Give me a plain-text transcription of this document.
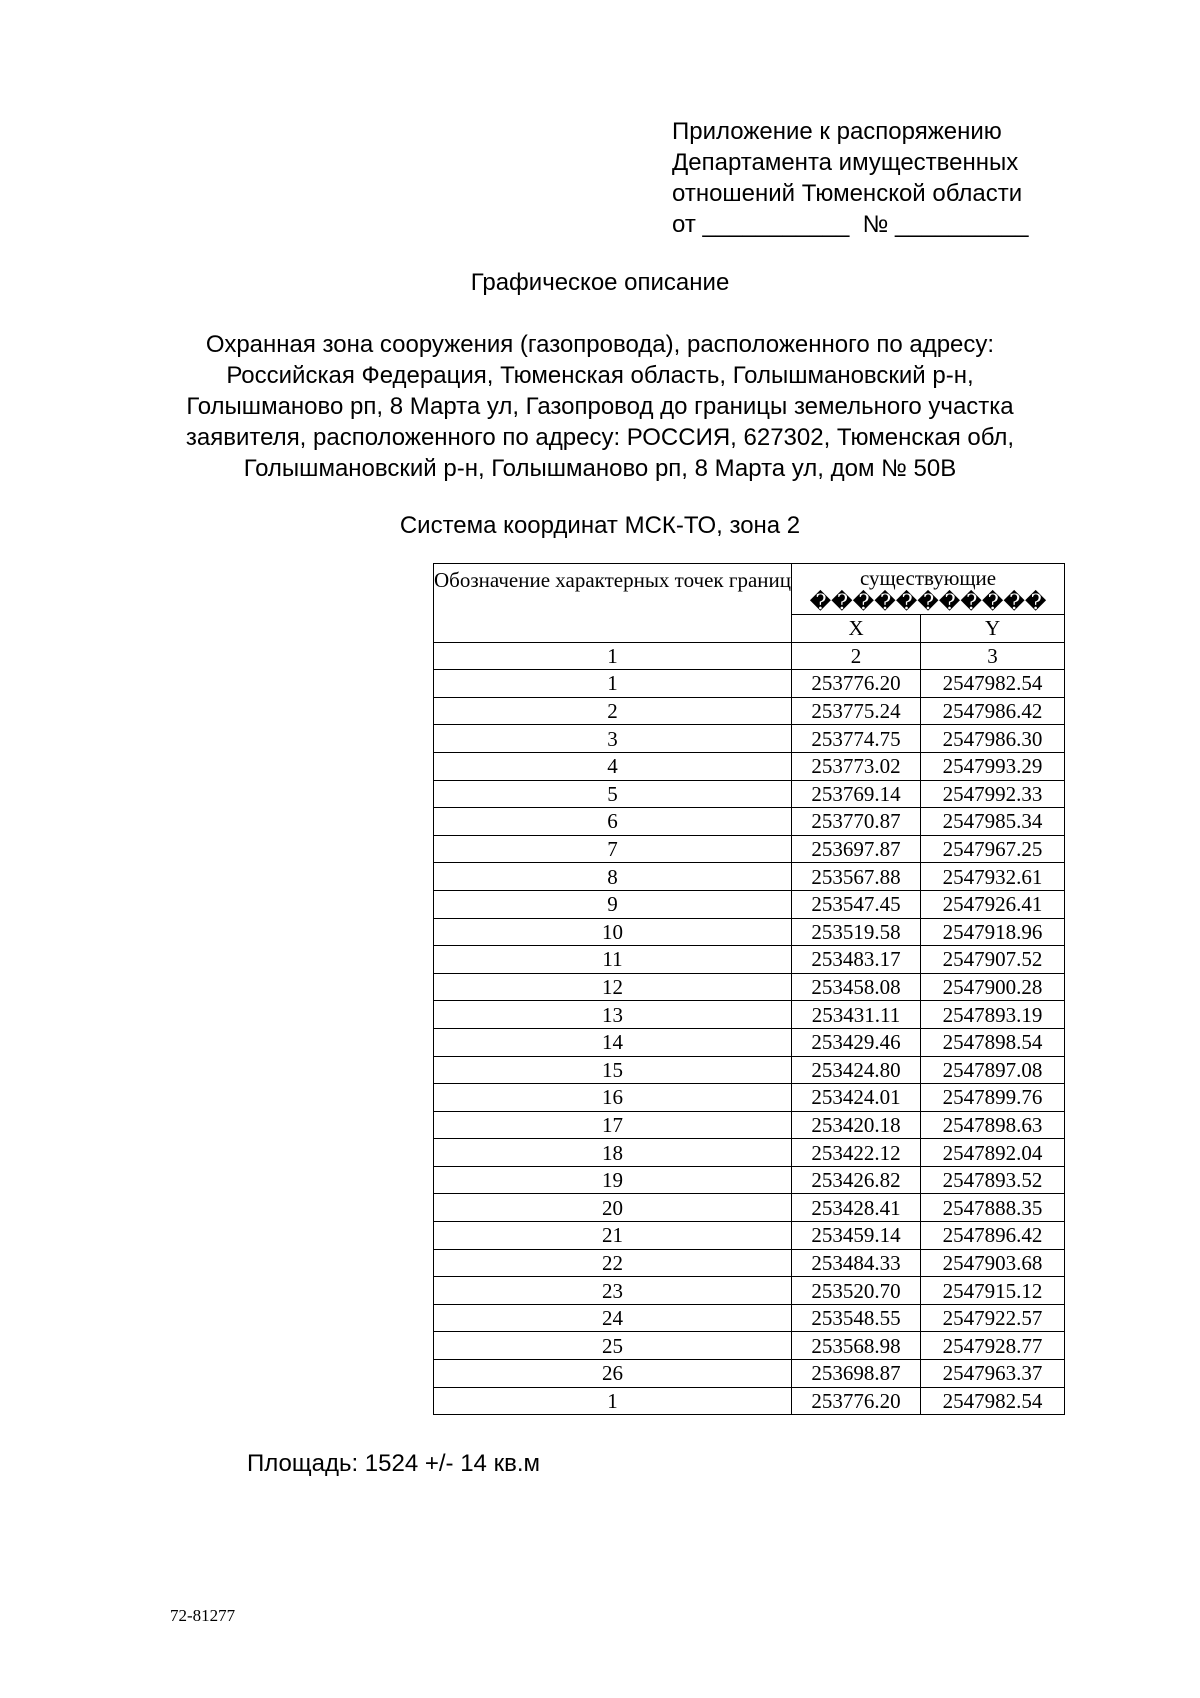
Приложение к распоряжению
Департамента имущественных
отношений Тюменской области
от ___________  № __________
Графическое описание
Охранная зона сооружения (газопровода), расположенного по адресу:
Российская Федерация, Тюменская область, Голышмановский р-н,
Голышманово рп, 8 Марта ул, Газопровод до границы земельного участка
заявителя, расположенного по адресу: РОССИЯ, 627302, Тюменская обл,
Голышмановский р-н, Голышманово рп, 8 Марта ул, дом № 50В
Система координат МСК-ТО, зона 2
Обозначение характерных точек границ	существующие
�����������	

	X	Y
1	2	3
1	253776.20	2547982.54
2	253775.24	2547986.42
3	253774.75	2547986.30
4	253773.02	2547993.29
5	253769.14	2547992.33
6	253770.87	2547985.34
7	253697.87	2547967.25
8	253567.88	2547932.61
9	253547.45	2547926.41
10	253519.58	2547918.96
11	253483.17	2547907.52
12	253458.08	2547900.28
13	253431.11	2547893.19
14	253429.46	2547898.54
15	253424.80	2547897.08
16	253424.01	2547899.76
17	253420.18	2547898.63
18	253422.12	2547892.04
19	253426.82	2547893.52
20	253428.41	2547888.35
21	253459.14	2547896.42
22	253484.33	2547903.68
23	253520.70	2547915.12
24	253548.55	2547922.57
25	253568.98	2547928.77
26	253698.87	2547963.37
1	253776.20	2547982.54
Площадь: 1524 +/- 14 кв.м
72-81277
